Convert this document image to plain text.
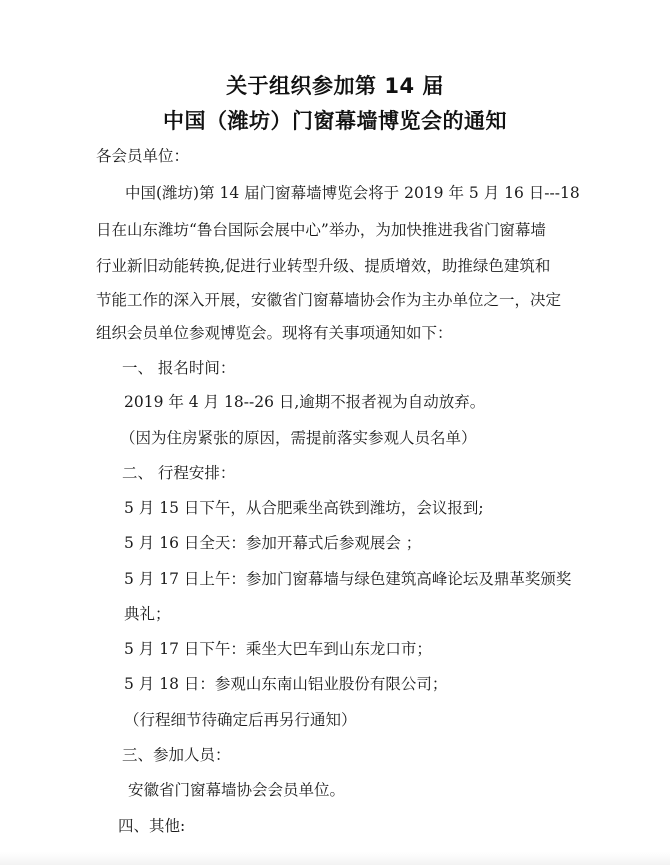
关于组织参加第 14 届
中国（潍坊）门窗幕墙博览会的通知
各会员单位：
中国(潍坊)第 14 届门窗幕墙博览会将于 2019 年 5 月 16 日---18
日在山东潍坊“鲁台国际会展中心”举办，为加快推进我省门窗幕墙
行业新旧动能转换,促进行业转型升级、提质增效，助推绿色建筑和
节能工作的深入开展，安徽省门窗幕墙协会作为主办单位之一，决定
组织会员单位参观博览会。现将有关事项通知如下：
一、 报名时间：
2019 年 4 月 18--26 日,逾期不报者视为自动放弃。
（因为住房紧张的原因，需提前落实参观人员名单）
二、 行程安排：
5 月 15 日下午，从合肥乘坐高铁到潍坊，会议报到;
5 月 16 日全天：参加开幕式后参观展会 ；
5 月 17 日上午：参加门窗幕墙与绿色建筑高峰论坛及鼎革奖颁奖
典礼；
5 月 17 日下午：乘坐大巴车到山东龙口市；
5 月 18 日：参观山东南山铝业股份有限公司；
（行程细节待确定后再另行通知）
三、参加人员：
安徽省门窗幕墙协会会员单位。
四、其他:
